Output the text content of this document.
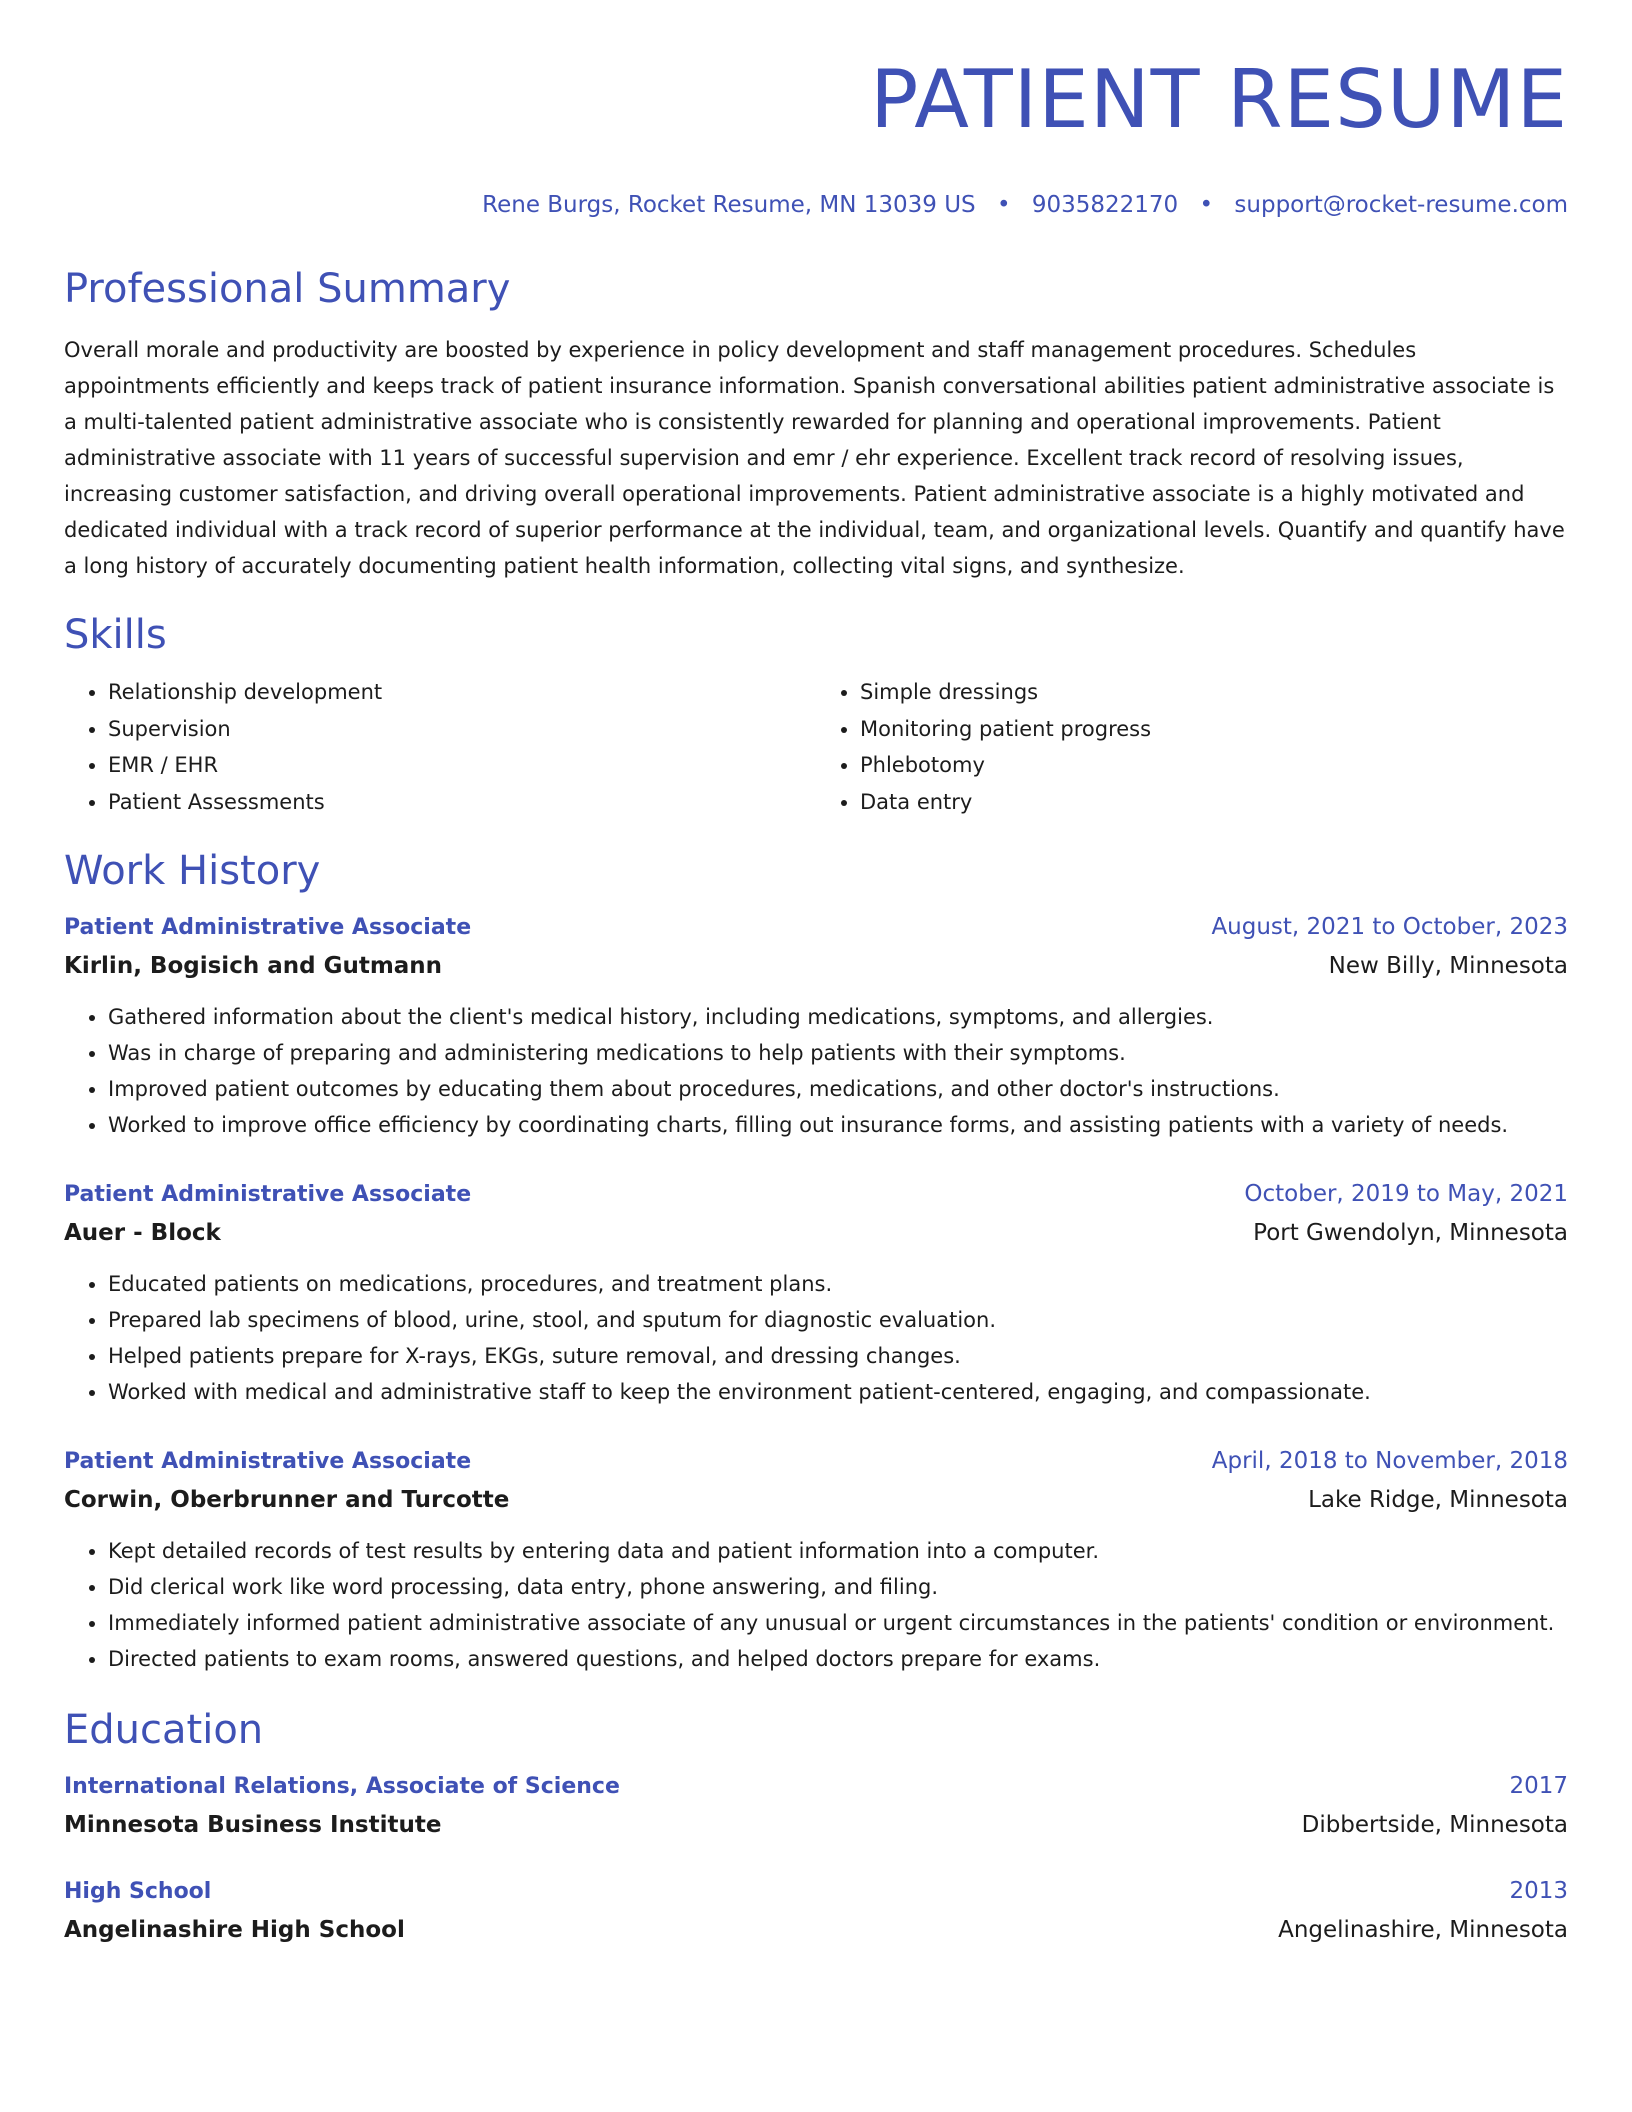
PATIENT RESUME
Rene Burgs, Rocket Resume, MN 13039 US • 9035822170 • support@rocket-resume.com
Professional Summary

Overall morale and productivity are boosted by experience in policy development and staff management procedures. Schedules appointments efficiently and keeps track of patient insurance information. Spanish conversational abilities patient administrative associate is a multi-talented patient administrative associate who is consistently rewarded for planning and operational improvements. Patient administrative associate with 11 years of successful supervision and emr / ehr experience. Excellent track record of resolving issues, increasing customer satisfaction, and driving overall operational improvements. Patient administrative associate is a highly motivated and dedicated individual with a track record of superior performance at the individual, team, and organizational levels. Quantify and quantify have a long history of accurately documenting patient health information, collecting vital signs, and synthesize.

Skills
• Relationship development
• Supervision
• EMR / EHR
• Patient Assessments
• Simple dressings
• Monitoring patient progress
• Phlebotomy
• Data entry
Work History
Patient Administrative Associate	August, 2021 to October, 2023
Kirlin, Bogisich and Gutmann	New Billy, Minnesota
• Gathered information about the client's medical history, including medications, symptoms, and allergies.
• Was in charge of preparing and administering medications to help patients with their symptoms.
• Improved patient outcomes by educating them about procedures, medications, and other doctor's instructions.
• Worked to improve office efficiency by coordinating charts, filling out insurance forms, and assisting patients with a variety of needs.
Patient Administrative Associate	October, 2019 to May, 2021
Auer - Block	Port Gwendolyn, Minnesota
• Educated patients on medications, procedures, and treatment plans.
• Prepared lab specimens of blood, urine, stool, and sputum for diagnostic evaluation.
• Helped patients prepare for X-rays, EKGs, suture removal, and dressing changes.
• Worked with medical and administrative staff to keep the environment patient-centered, engaging, and compassionate.
Patient Administrative Associate	April, 2018 to November, 2018
Corwin, Oberbrunner and Turcotte	Lake Ridge, Minnesota
• Kept detailed records of test results by entering data and patient information into a computer.
• Did clerical work like word processing, data entry, phone answering, and filing.
• Immediately informed patient administrative associate of any unusual or urgent circumstances in the patients' condition or environment.
• Directed patients to exam rooms, answered questions, and helped doctors prepare for exams.
Education
International Relations, Associate of Science	2017
Minnesota Business Institute	Dibbertside, Minnesota
High School	2013
Angelinashire High School	Angelinashire, Minnesota
